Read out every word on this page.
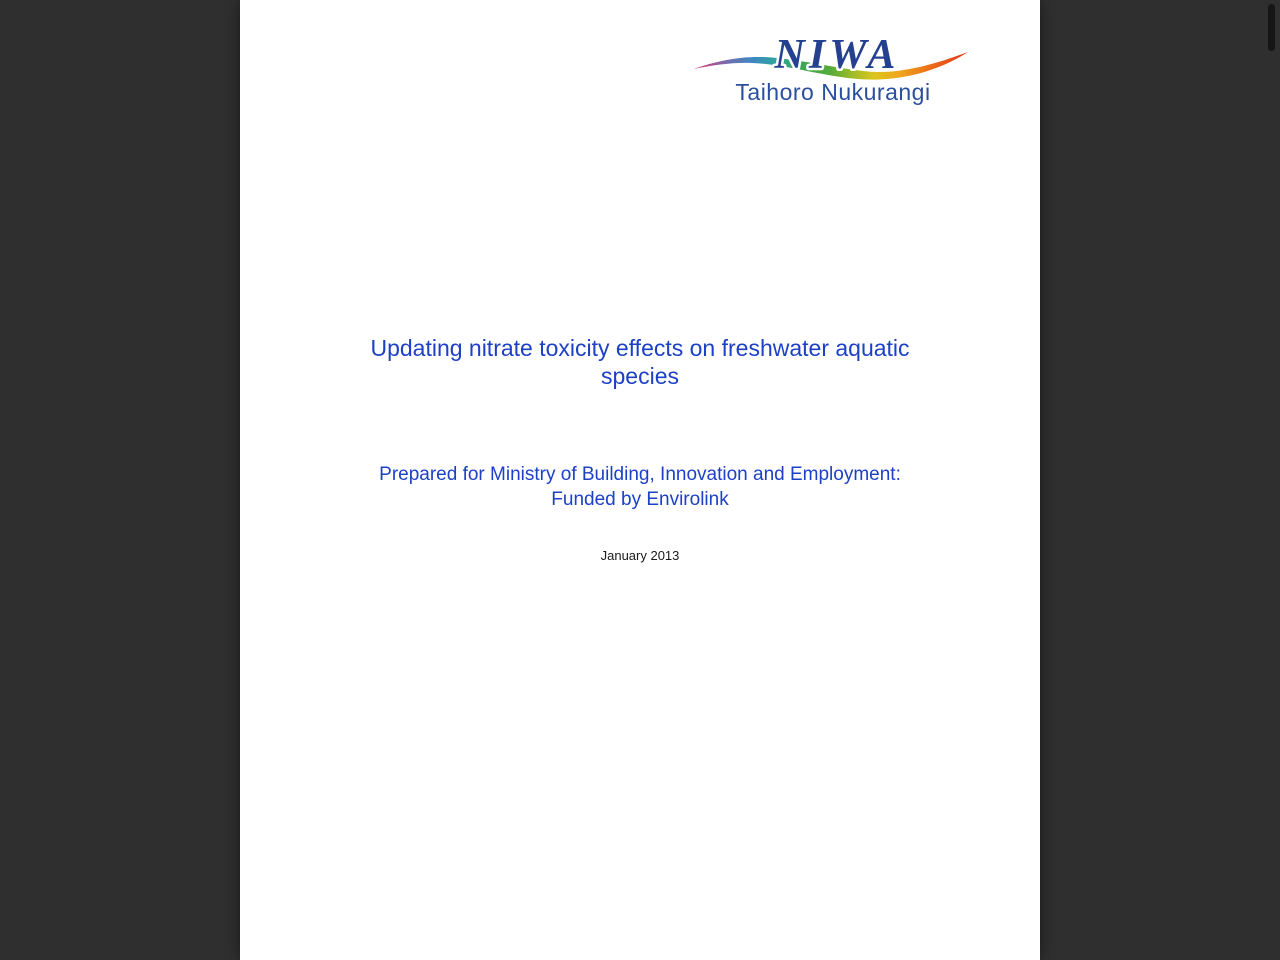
NIWA
Taihoro Nukurangi
Updating nitrate toxicity effects on freshwater aquatic
species
Prepared for Ministry of Building, Innovation and Employment:
Funded by Envirolink
January 2013
